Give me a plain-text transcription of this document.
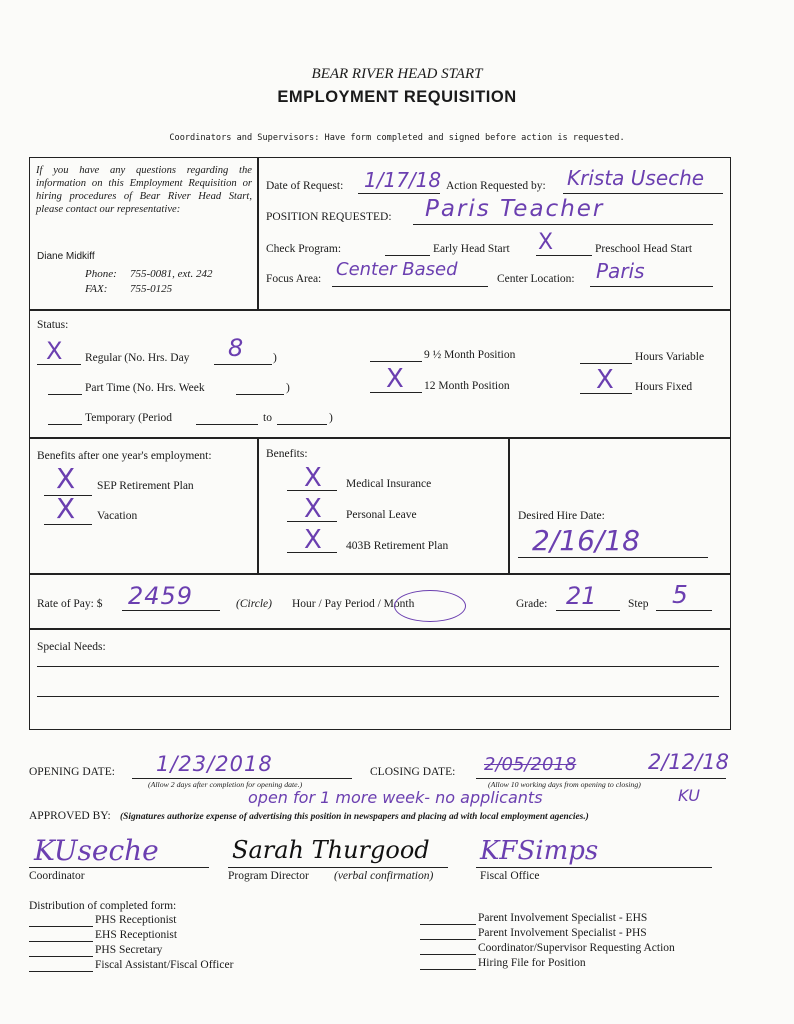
BEAR RIVER HEAD START
EMPLOYMENT REQUISITION
Coordinators and Supervisors: Have form completed and signed before action is requested.
If you have any questions regarding the information on this Employment Requisition or hiring procedures of Bear River Head Start, please contact our representative:
Diane Midkiff
Phone: 755-0081, ext. 242
FAX: 755-0125
Date of Request: 1/17/18 Action Requested by: Krista Useche
POSITION REQUESTED: Paris Teacher
Check Program:	Early Head Start X	Preschool Head Start
Focus Area: Center Based	Center Location: Paris
Status:
X Regular (No. Hrs. Day 8	)
Part Time (No. Hrs. Week	)
Temporary (Period	to	)
9 ½ Month Position
X 12 Month Position
Hours Variable
X Hours Fixed
Benefits after one year's employment:
X SEP Retirement Plan
X Vacation
Benefits:
X Medical Insurance
X Personal Leave
X 403B Retirement Plan
Desired Hire Date:
2/16/18
Rate of Pay: $ 2459	(Circle) Hour / Pay Period / Month	Grade: 21	Step 5
Special Needs:
OPENING DATE: 1/23/2018
(Allow 2 days after completion for opening date.)
CLOSING DATE: 2/05/2018	2/12/18
(Allow 10 working days from opening to closing)
open for 1 more week- no applicants	KU
APPROVED BY: (Signatures authorize expense of advertising this position in newspapers and placing ad with local employment agencies.)
KUseche
Coordinator
Sarah Thurgood
Program Director (verbal confirmation)
KFSimps
Fiscal Office
Distribution of completed form:
PHS Receptionist
EHS Receptionist
PHS Secretary
Fiscal Assistant/Fiscal Officer
Parent Involvement Specialist - EHS
Parent Involvement Specialist - PHS
Coordinator/Supervisor Requesting Action
Hiring File for Position
